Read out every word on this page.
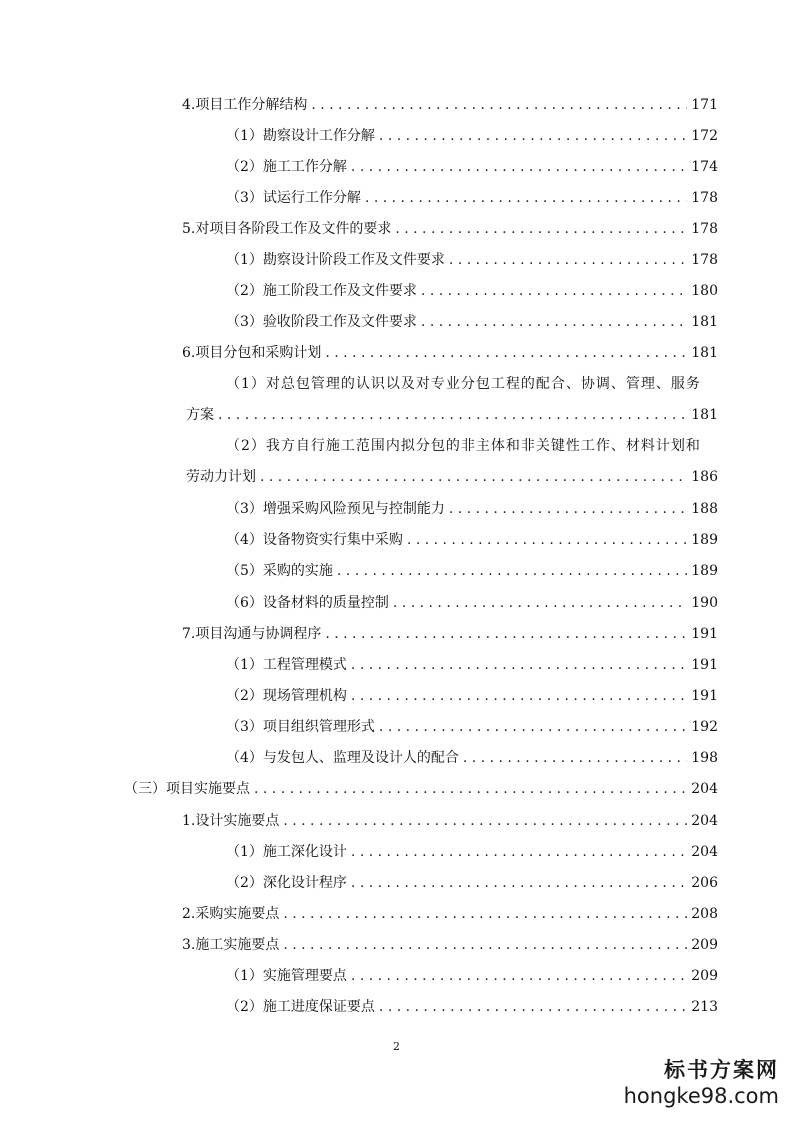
4.项目工作分解结构 . . .	171
（1）勘察设计工作分解 . . .	172
（2）施工工作分解 . . .	174
（3）试运行工作分解 . . .	178
5.对项目各阶段工作及文件的要求 . . .	178
（1）勘察设计阶段工作及文件要求 . . .	178
（2）施工阶段工作及文件要求 . . .	180
（3）验收阶段工作及文件要求 . . .	181
6.项目分包和采购计划 . . .	181
（1）对总包管理的认识以及对专业分包工程的配合、协调、管理、服务
方案 . . .	181
（2）我方自行施工范围内拟分包的非主体和非关键性工作、材料计划和
劳动力计划 . . .	186
（3）增强采购风险预见与控制能力 . . .	188
（4）设备物资实行集中采购 . . .	189
（5）采购的实施 . . .	189
（6）设备材料的质量控制 . . .	190
7.项目沟通与协调程序 . . .	191
（1）工程管理模式 . . .	191
（2）现场管理机构 . . .	191
（3）项目组织管理形式 . . .	192
（4）与发包人、监理及设计人的配合 . . .	198
（三）项目实施要点 . . .	204
1.设计实施要点 . . .	204
（1）施工深化设计 . . .	204
（2）深化设计程序 . . .	206
2.采购实施要点 . . .	208
3.施工实施要点 . . .	209
（1）实施管理要点 . . .	209
（2）施工进度保证要点 . . .	213
2
标书方案网
hongke98.com
